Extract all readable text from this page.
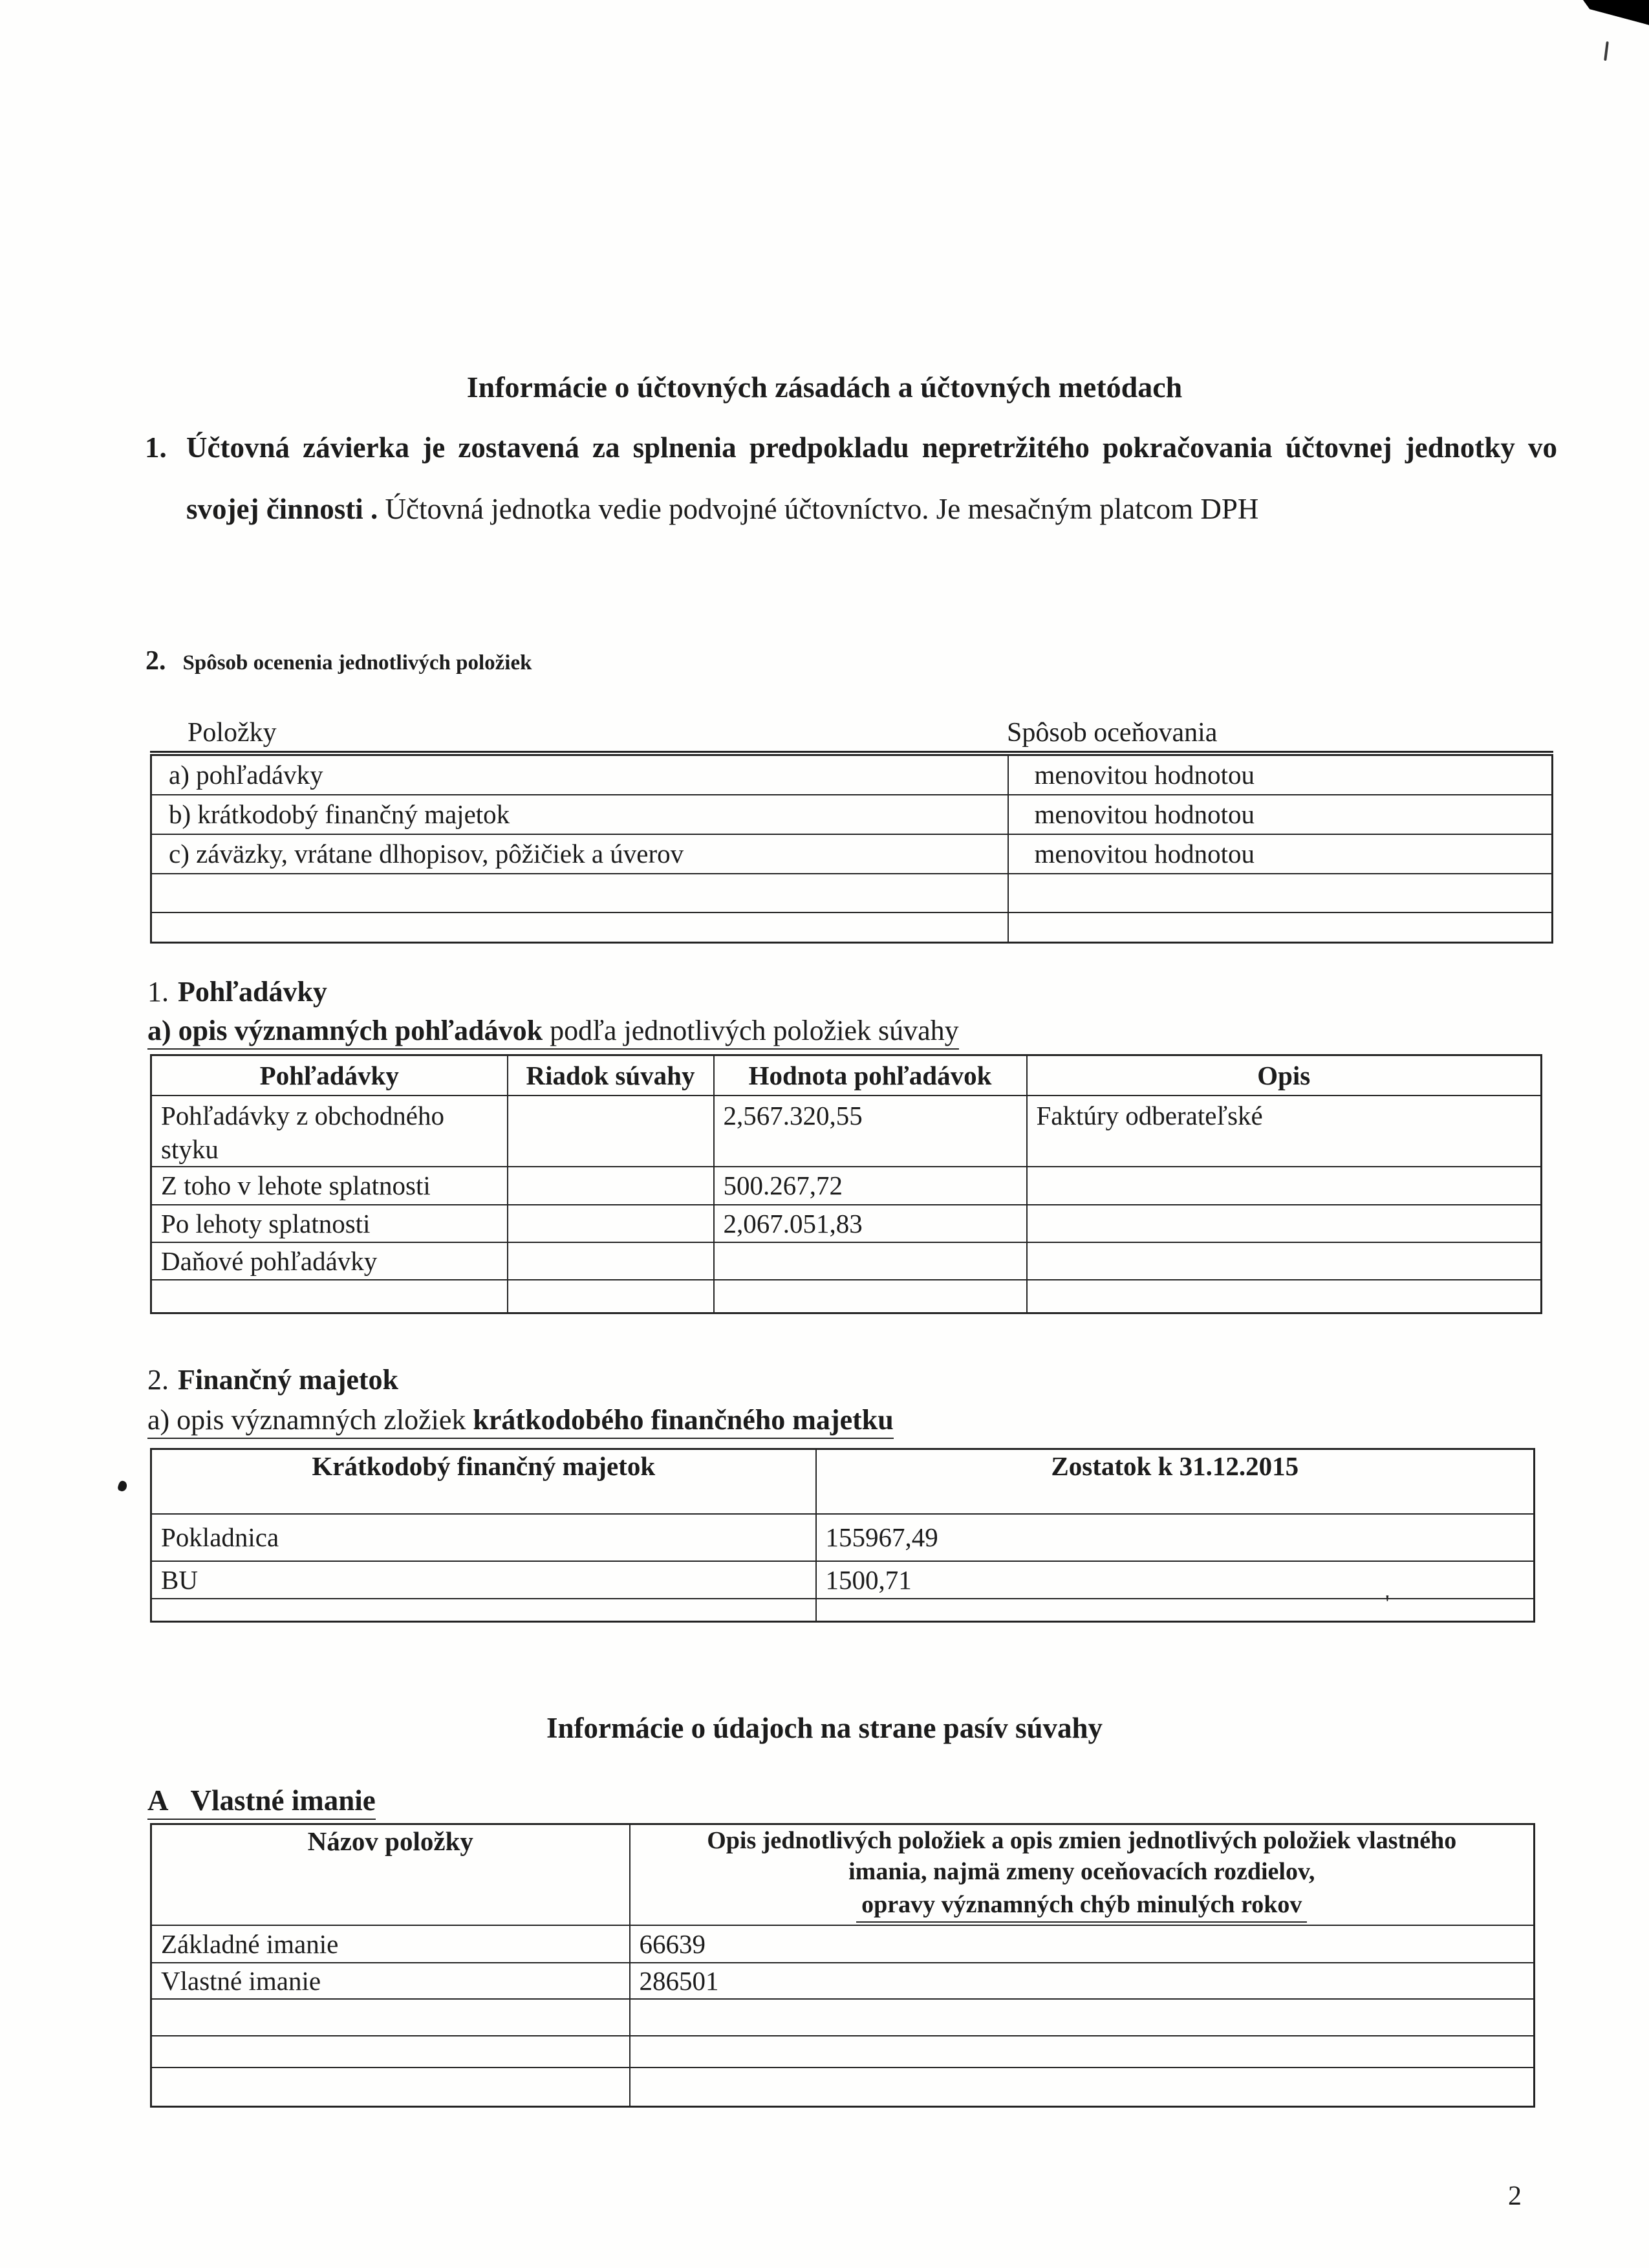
'
Informácie o účtovných zásadách a účtovných metódach
1. Účtovná závierka je zostavená za splnenia predpokladu nepretržitého pokračovania účtovnej jednotky vo svojej činnosti . Účtovná jednotka vedie podvojné účtovníctvo. Je mesačným platcom DPH
2. Spôsob ocenenia jednotlivých položiek
Položky	Spôsob oceňovania
a) pohľadávky	menovitou hodnotou
b) krátkodobý finančný majetok	menovitou hodnotou
c) záväzky, vrátane dlhopisov, pôžičiek a úverov	menovitou hodnotou

1. Pohľadávky
a) opis významných pohľadávok podľa jednotlivých položiek súvahy
Pohľadávky	Riadok súvahy	Hodnota pohľadávok	Opis
Pohľadávky z obchodného styku		2,567.320,55	Faktúry odberateľské
Z toho v lehote splatnosti		500.267,72	
Po lehoty splatnosti		2,067.051,83	
Daňové pohľadávky			

2. Finančný majetok
a) opis významných zložiek krátkodobého finančného majetku
Krátkodobý finančný majetok	Zostatok k 31.12.2015
Pokladnica	155967,49
BU	1500,71

Informácie o údajoch na strane pasív súvahy
A Vlastné imanie
Názov položky	Opis jednotlivých položiek a opis zmien jednotlivých položiek vlastného
imania, najmä zmeny oceňovacích rozdielov,
opravy významných chýb minulých rokov
Základné imanie	66639
Vlastné imanie	286501

2
